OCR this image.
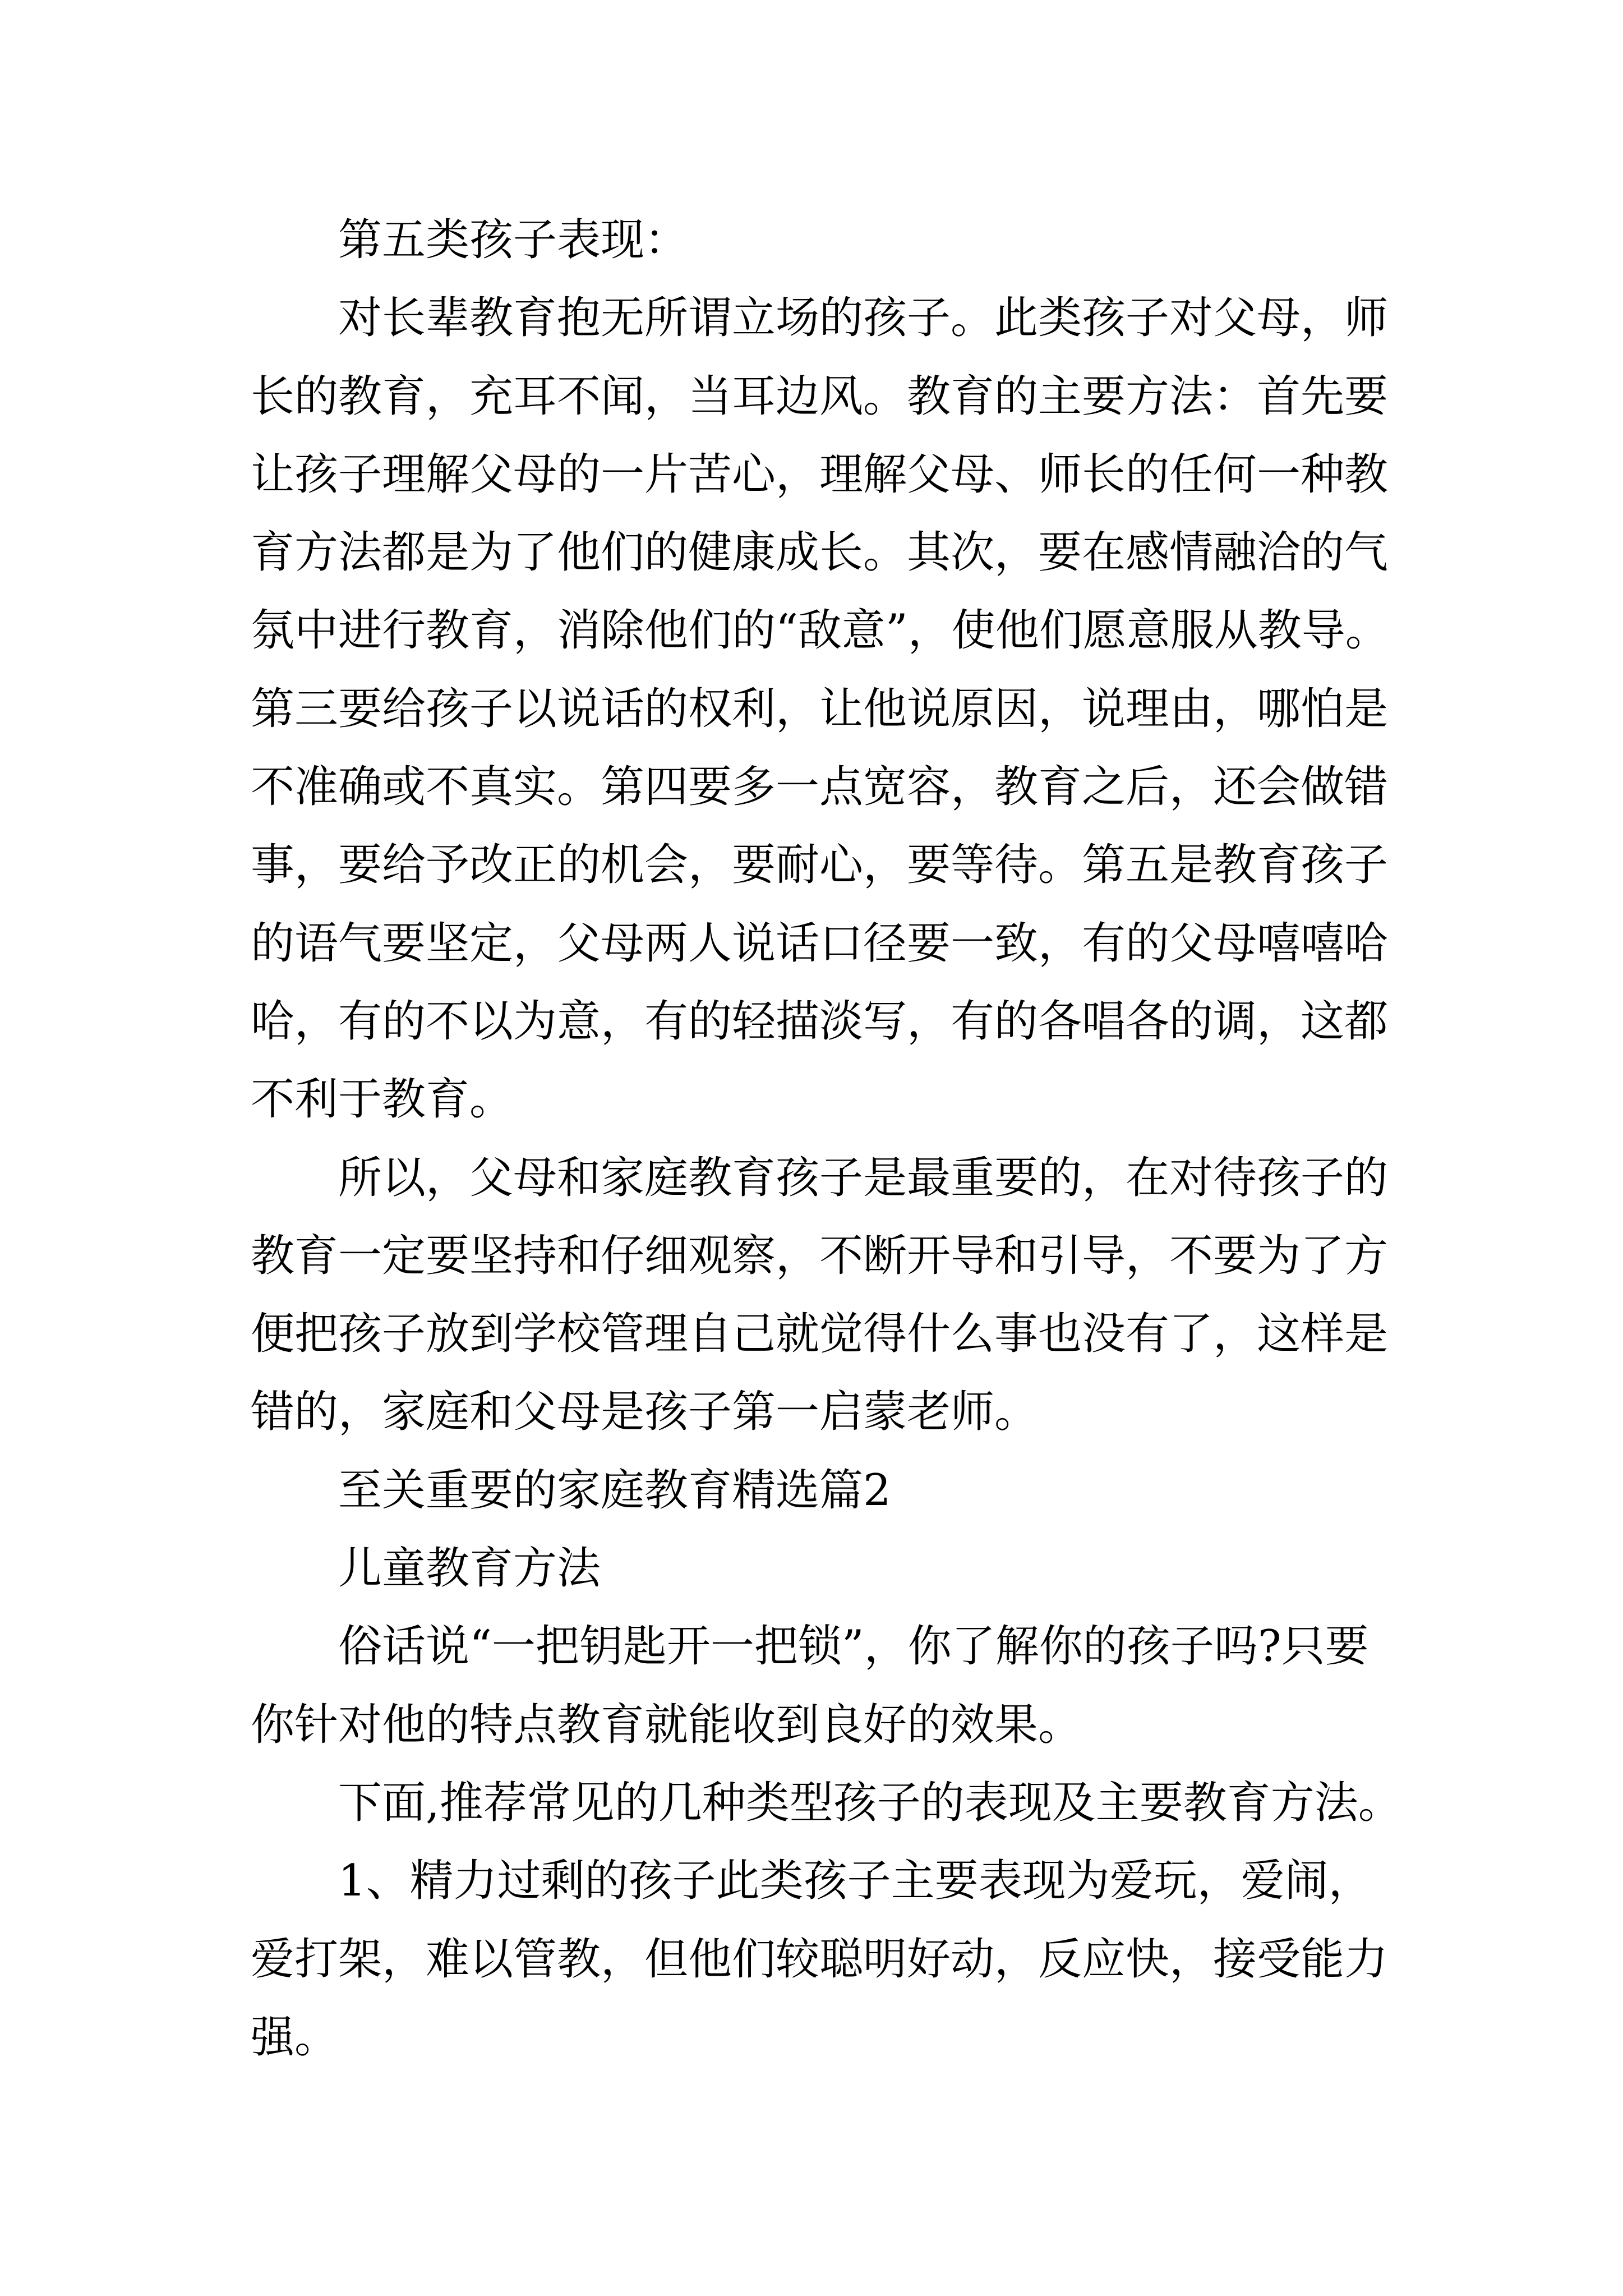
第五类孩子表现：
对长辈教育抱无所谓立场的孩子。此类孩子对父母，师
长的教育，充耳不闻，当耳边风。教育的主要方法：首先要
让孩子理解父母的一片苦心，理解父母、师长的任何一种教
育方法都是为了他们的健康成长。其次，要在感情融洽的气
氛中进行教育，消除他们的“敌意”，使他们愿意服从教导。
第三要给孩子以说话的权利，让他说原因，说理由，哪怕是
不准确或不真实。第四要多一点宽容，教育之后，还会做错
事，要给予改正的机会，要耐心，要等待。第五是教育孩子
的语气要坚定，父母两人说话口径要一致，有的父母嘻嘻哈
哈，有的不以为意，有的轻描淡写，有的各唱各的调，这都
不利于教育。
所以，父母和家庭教育孩子是最重要的，在对待孩子的
教育一定要坚持和仔细观察，不断开导和引导，不要为了方
便把孩子放到学校管理自己就觉得什么事也没有了，这样是
错的，家庭和父母是孩子第一启蒙老师。
至关重要的家庭教育精选篇2
儿童教育方法
俗话说“一把钥匙开一把锁”，你了解你的孩子吗?只要
你针对他的特点教育就能收到良好的效果。
下面,推荐常见的几种类型孩子的表现及主要教育方法。
1、精力过剩的孩子此类孩子主要表现为爱玩，爱闹，
爱打架，难以管教，但他们较聪明好动，反应快，接受能力
强。
